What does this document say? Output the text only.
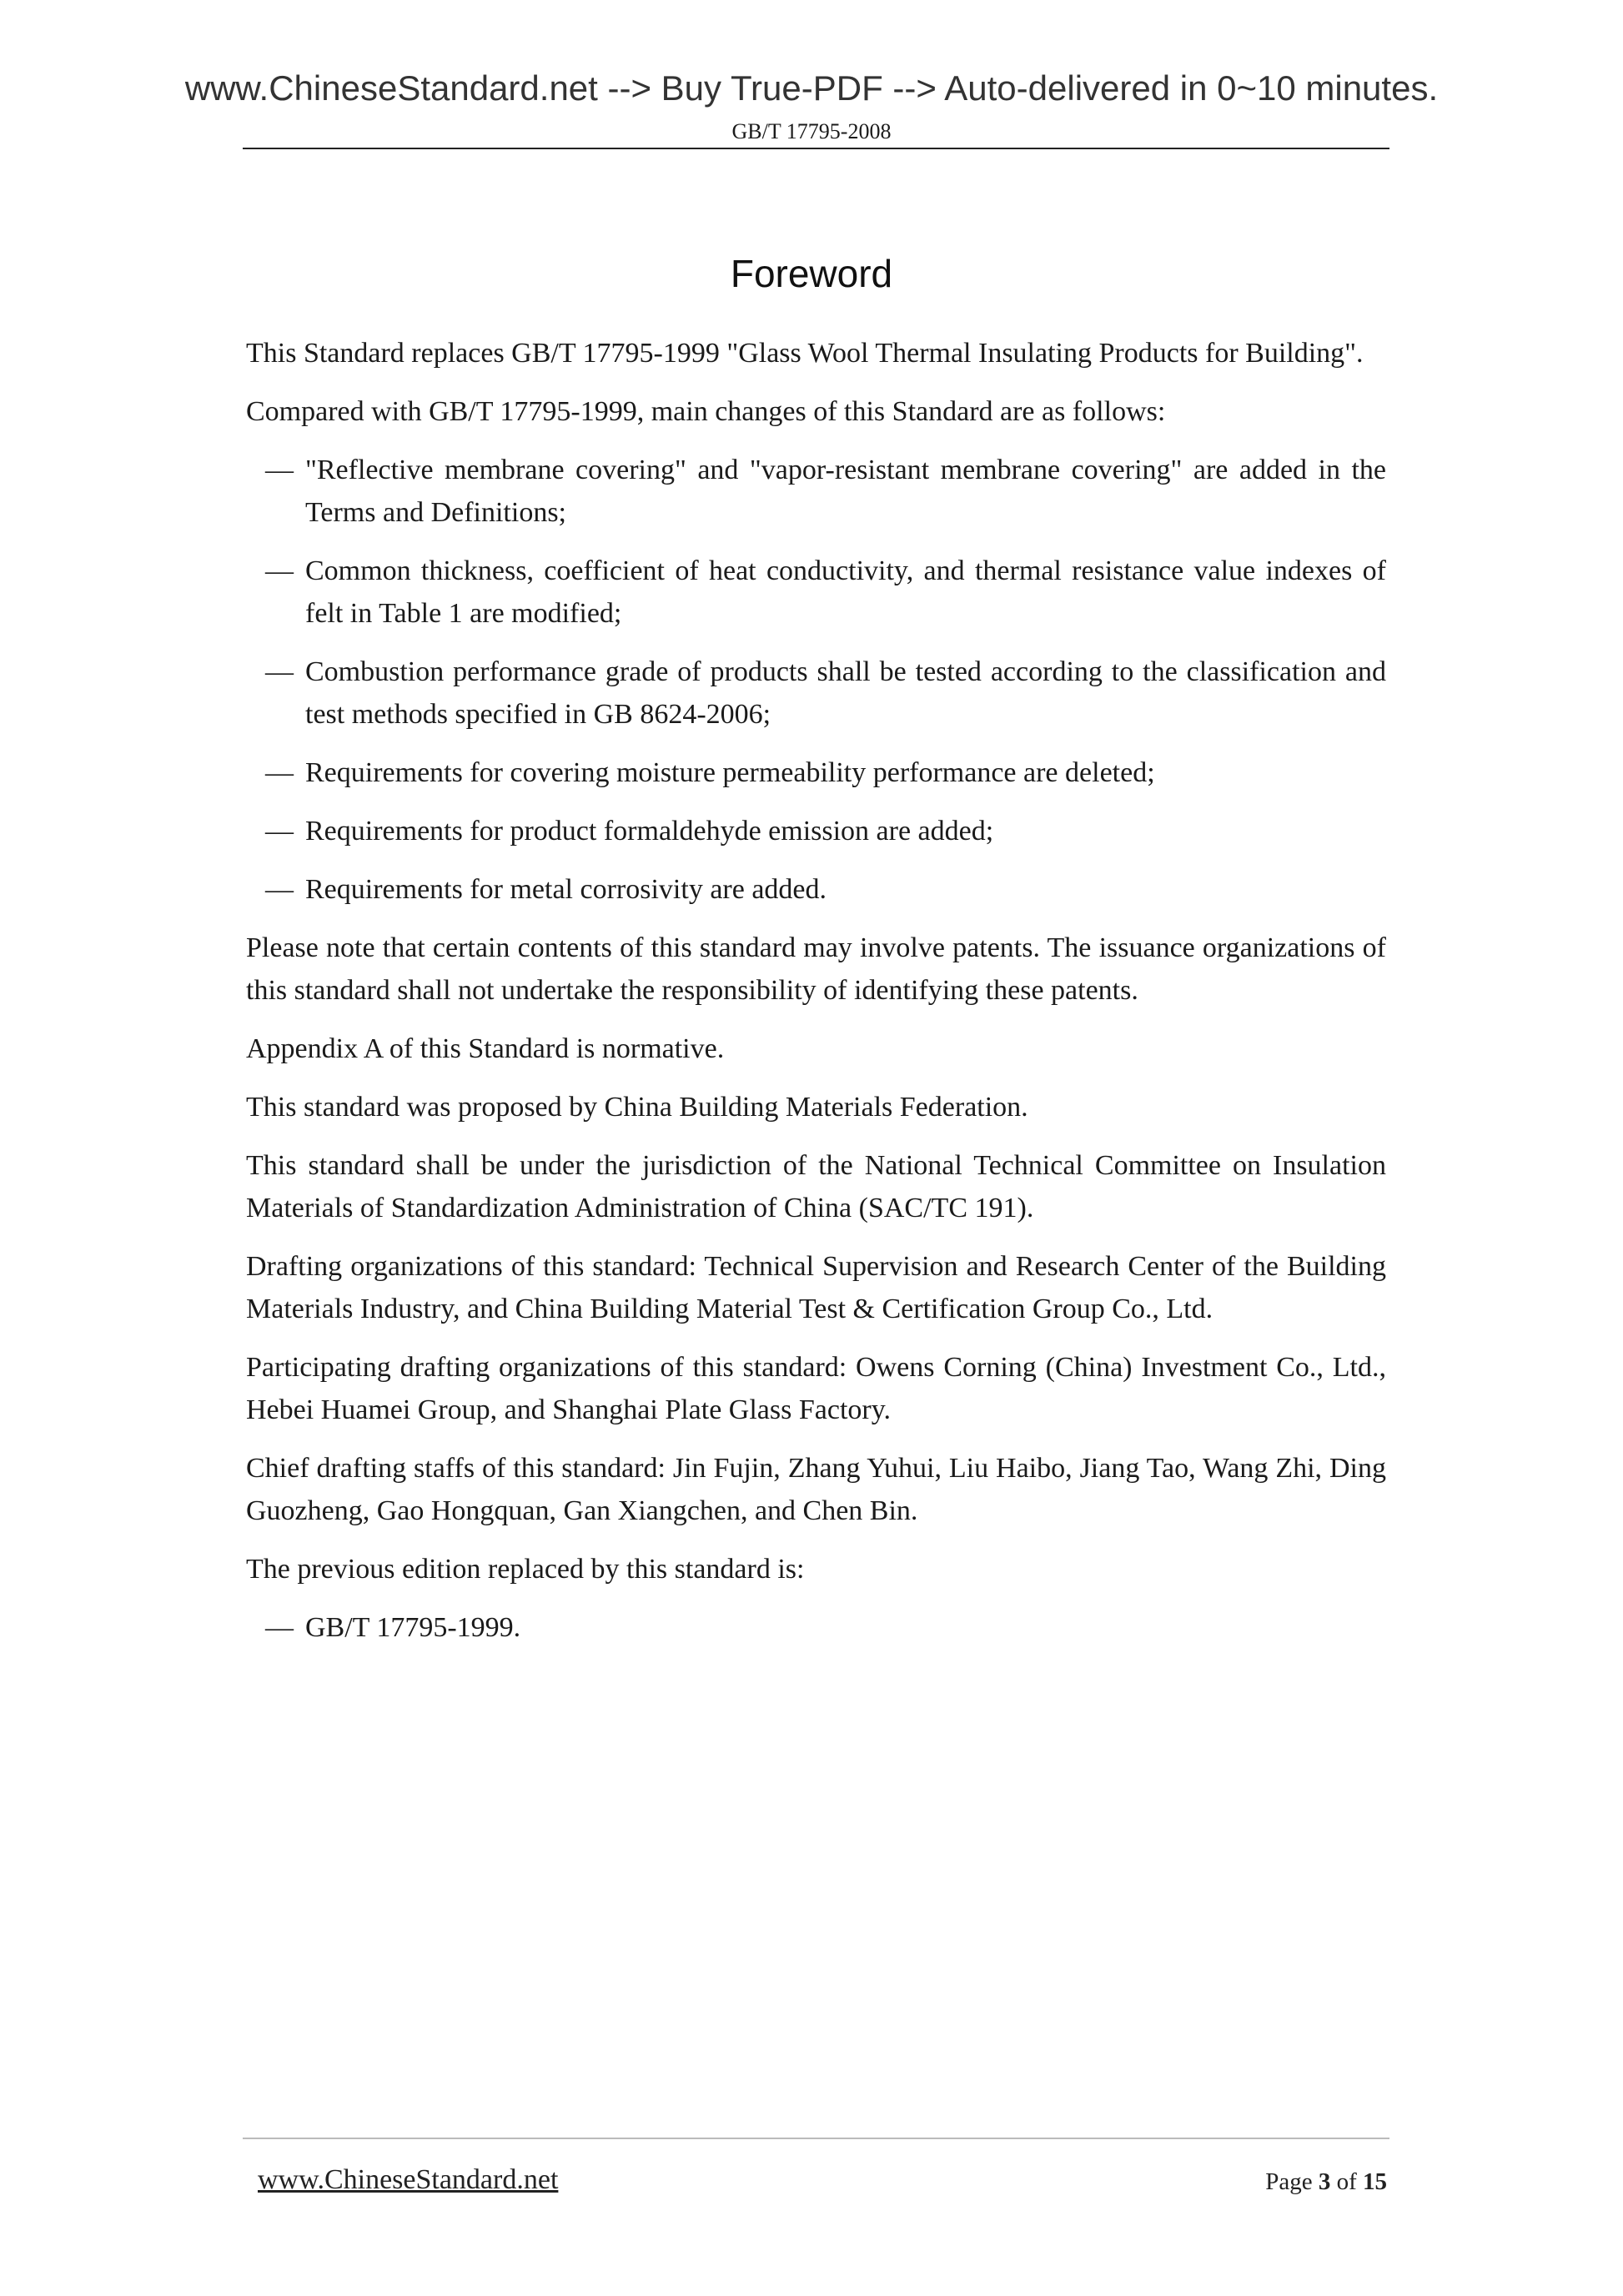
www.ChineseStandard.net --> Buy True-PDF --> Auto-delivered in 0~10 minutes.
GB/T 17795-2008
Foreword

This Standard replaces GB/T 17795-1999 "Glass Wool Thermal Insulating Products for Building".

Compared with GB/T 17795-1999, main changes of this Standard are as follows:

— "Reflective membrane covering" and "vapor-resistant membrane covering" are added in the Terms and Definitions;
— Common thickness, coefficient of heat conductivity, and thermal resistance value indexes of felt in Table 1 are modified;
— Combustion performance grade of products shall be tested according to the classification and test methods specified in GB 8624-2006;
— Requirements for covering moisture permeability performance are deleted;
— Requirements for product formaldehyde emission are added;
— Requirements for metal corrosivity are added.

Please note that certain contents of this standard may involve patents. The issuance organizations of this standard shall not undertake the responsibility of identifying these patents.

Appendix A of this Standard is normative.

This standard was proposed by China Building Materials Federation.

This standard shall be under the jurisdiction of the National Technical Committee on Insulation Materials of Standardization Administration of China (SAC/TC 191).

Drafting organizations of this standard: Technical Supervision and Research Center of the Building Materials Industry, and China Building Material Test & Certification Group Co., Ltd.

Participating drafting organizations of this standard: Owens Corning (China) Investment Co., Ltd., Hebei Huamei Group, and Shanghai Plate Glass Factory.

Chief drafting staffs of this standard: Jin Fujin, Zhang Yuhui, Liu Haibo, Jiang Tao, Wang Zhi, Ding Guozheng, Gao Hongquan, Gan Xiangchen, and Chen Bin.

The previous edition replaced by this standard is:

— GB/T 17795-1999.
www.ChineseStandard.net	Page 3 of 15
